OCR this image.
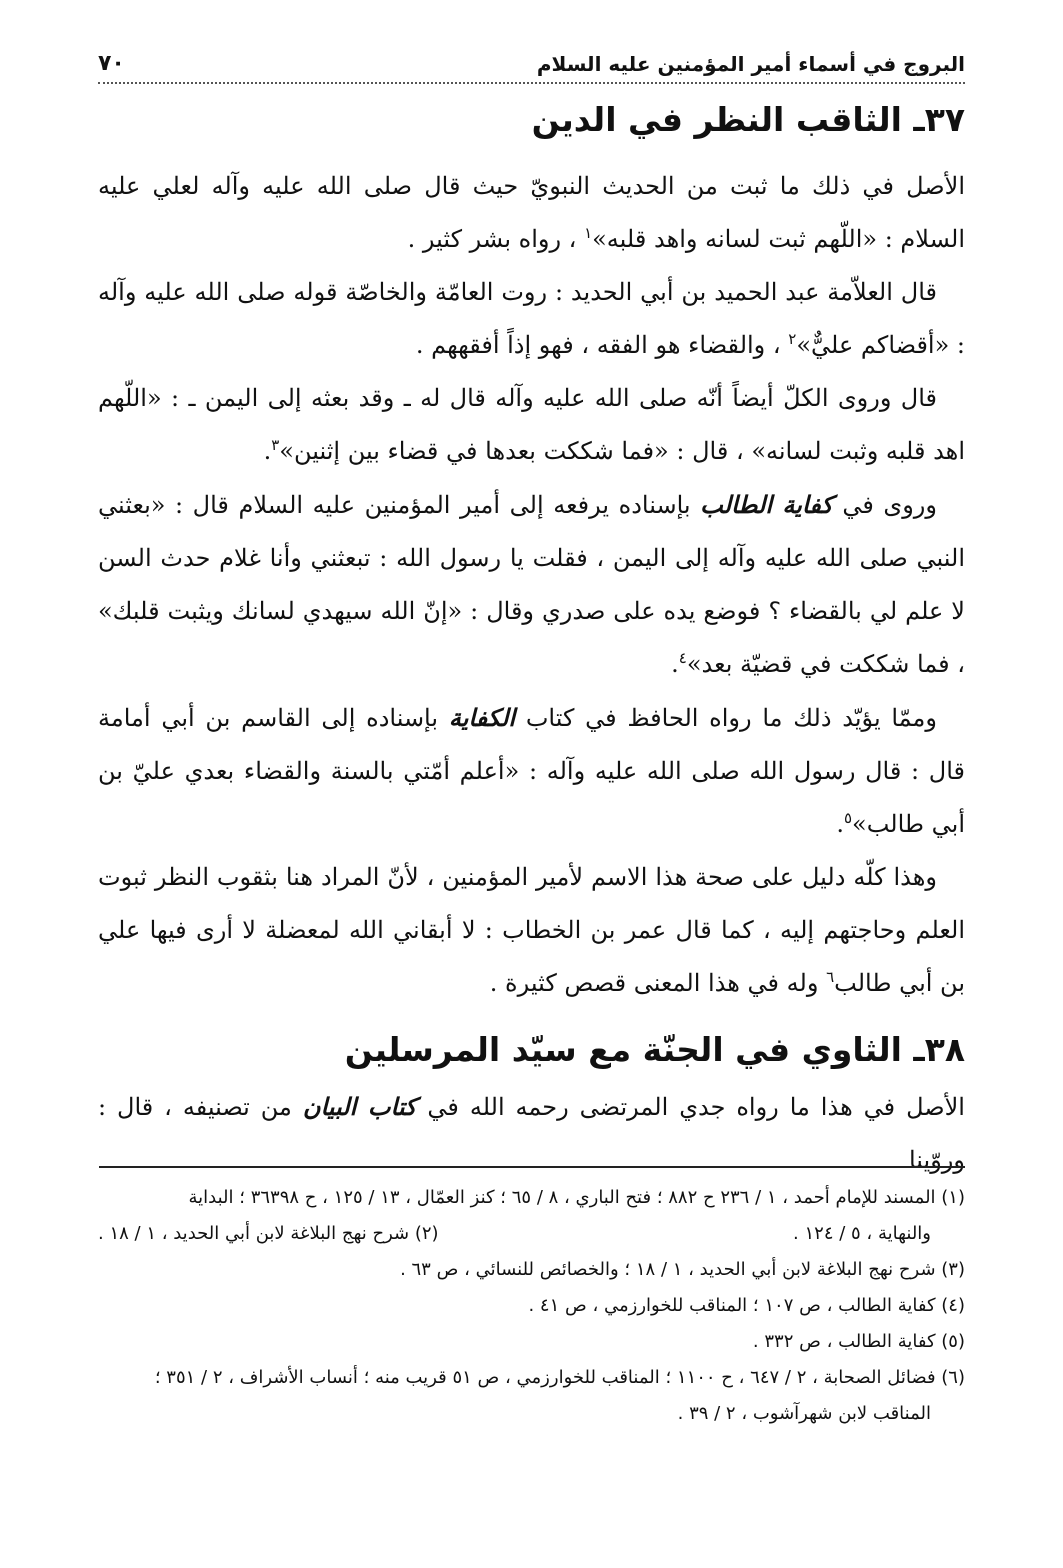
البروج في أسماء أمير المؤمنين عليه السلام
٧٠
٣٧ـ الثاقب النظر في الدين

الأصل في ذلك ما ثبت من الحديث النبويّ حيث قال صلى الله عليه وآله لعلي عليه السلام : «اللّهم ثبت لسانه واهد قلبه»$^١$ ، رواه بشر كثير .

قال العلاّمة عبد الحميد بن أبي الحديد : روت العامّة والخاصّة قوله صلى الله عليه وآله : «أقضاكم عليٌّ»$^٢$ ، والقضاء هو الفقه ، فهو إذاً أفقههم .

قال وروى الكلّ أيضاً أنّه صلى الله عليه وآله قال له ـ وقد بعثه إلى اليمن ـ : «اللّهم اهد قلبه وثبت لسانه» ، قال : «فما شككت بعدها في قضاء بين إثنين»$^٣$.

وروى في كفاية الطالب بإسناده يرفعه إلى أمير المؤمنين عليه السلام قال : «بعثني النبي صلى الله عليه وآله إلى اليمن ، فقلت يا رسول الله : تبعثني وأنا غلام حدث السن لا علم لي بالقضاء ؟ فوضع يده على صدري وقال : «إنّ الله سيهدي لسانك ويثبت قلبك» ، فما شككت في قضيّة بعد»$^٤$.

وممّا يؤيّد ذلك ما رواه الحافظ في كتاب الكفاية بإسناده إلى القاسم بن أبي أمامة قال : قال رسول الله صلى الله عليه وآله : «أعلم أمّتي بالسنة والقضاء بعدي عليّ بن أبي طالب»$^٥$.

وهذا كلّه دليل على صحة هذا الاسم لأمير المؤمنين ، لأنّ المراد هنا بثقوب النظر ثبوت العلم وحاجتهم إليه ، كما قال عمر بن الخطاب : لا أبقاني الله لمعضلة لا أرى فيها علي بن أبي طالب$^٦$ وله في هذا المعنى قصص كثيرة .

٣٨ـ الثاوي في الجنّة مع سيّد المرسلين

الأصل في هذا ما رواه جدي المرتضى رحمه الله في كتاب البيان من تصنيفه ، قال : وروّينا

(١) المسند للإمام أحمد ، ١ / ٢٣٦ ح ٨٨٢ ؛ فتح الباري ، ٨ / ٦٥ ؛ كنز العمّال ، ١٣ / ١٢٥ ، ح ٣٦٣٩٨ ؛ البداية
والنهاية ، ٥ / ١٢٤ .
(٢) شرح نهج البلاغة لابن أبي الحديد ، ١ / ١٨ .
(٣) شرح نهج البلاغة لابن أبي الحديد ، ١ / ١٨ ؛ والخصائص للنسائي ، ص ٦٣ .
(٤) كفاية الطالب ، ص ١٠٧ ؛ المناقب للخوارزمي ، ص ٤١ .
(٥) كفاية الطالب ، ص ٣٣٢ .
(٦) فضائل الصحابة ، ٢ / ٦٤٧ ، ح ١١٠٠ ؛ المناقب للخوارزمي ، ص ٥١ قريب منه ؛ أنساب الأشراف ، ٢ / ٣٥١ ؛
المناقب لابن شهرآشوب ، ٢ / ٣٩ .
